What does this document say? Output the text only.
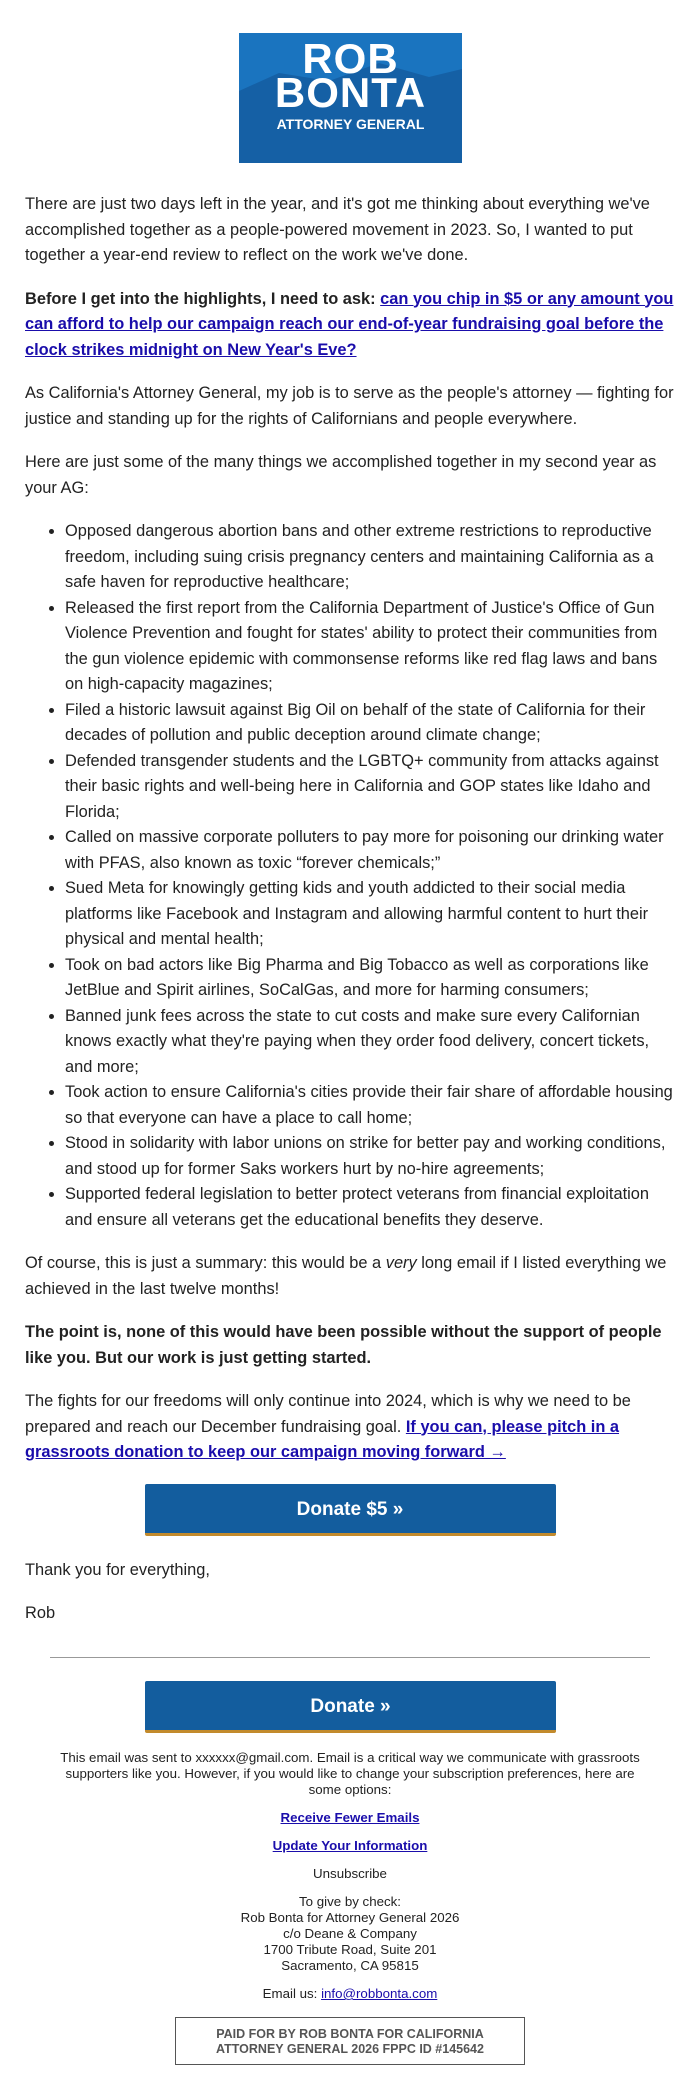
ROB
BONTA
ATTORNEY GENERAL

There are just two days left in the year, and it's got me thinking about everything we've accomplished together as a people-powered movement in 2023. So, I wanted to put together a year-end review to reflect on the work we've done.

Before I get into the highlights, I need to ask: can you chip in $5 or any amount you can afford to help our campaign reach our end-of-year fundraising goal before the clock strikes midnight on New Year's Eve?

As California's Attorney General, my job is to serve as the people's attorney — fighting for justice and standing up for the rights of Californians and people everywhere.

Here are just some of the many things we accomplished together in my second year as your AG:

• Opposed dangerous abortion bans and other extreme restrictions to reproductive freedom, including suing crisis pregnancy centers and maintaining California as a safe haven for reproductive healthcare;
• Released the first report from the California Department of Justice's Office of Gun Violence Prevention and fought for states' ability to protect their communities from the gun violence epidemic with commonsense reforms like red flag laws and bans on high-capacity magazines;
• Filed a historic lawsuit against Big Oil on behalf of the state of California for their decades of pollution and public deception around climate change;
• Defended transgender students and the LGBTQ+ community from attacks against their basic rights and well-being here in California and GOP states like Idaho and Florida;
• Called on massive corporate polluters to pay more for poisoning our drinking water with PFAS, also known as toxic “forever chemicals;”
• Sued Meta for knowingly getting kids and youth addicted to their social media platforms like Facebook and Instagram and allowing harmful content to hurt their physical and mental health;
• Took on bad actors like Big Pharma and Big Tobacco as well as corporations like JetBlue and Spirit airlines, SoCalGas, and more for harming consumers;
• Banned junk fees across the state to cut costs and make sure every Californian knows exactly what they're paying when they order food delivery, concert tickets, and more;
• Took action to ensure California's cities provide their fair share of affordable housing so that everyone can have a place to call home;
• Stood in solidarity with labor unions on strike for better pay and working conditions, and stood up for former Saks workers hurt by no-hire agreements;
• Supported federal legislation to better protect veterans from financial exploitation and ensure all veterans get the educational benefits they deserve.

Of course, this is just a summary: this would be a very long email if I listed everything we achieved in the last twelve months!

The point is, none of this would have been possible without the support of people like you. But our work is just getting started.

The fights for our freedoms will only continue into 2024, which is why we need to be prepared and reach our December fundraising goal. If you can, please pitch in a grassroots donation to keep our campaign moving forward →

Donate $5 »

Thank you for everything,

Rob

Donate »

This email was sent to xxxxxx@gmail.com. Email is a critical way we communicate with grassroots supporters like you. However, if you would like to change your subscription preferences, here are some options:

Receive Fewer Emails

Update Your Information

Unsubscribe

To give by check:
Rob Bonta for Attorney General 2026
c/o Deane & Company
1700 Tribute Road, Suite 201
Sacramento, CA 95815

Email us: info@robbonta.com

PAID FOR BY ROB BONTA FOR CALIFORNIA
ATTORNEY GENERAL 2026 FPPC ID #145642
